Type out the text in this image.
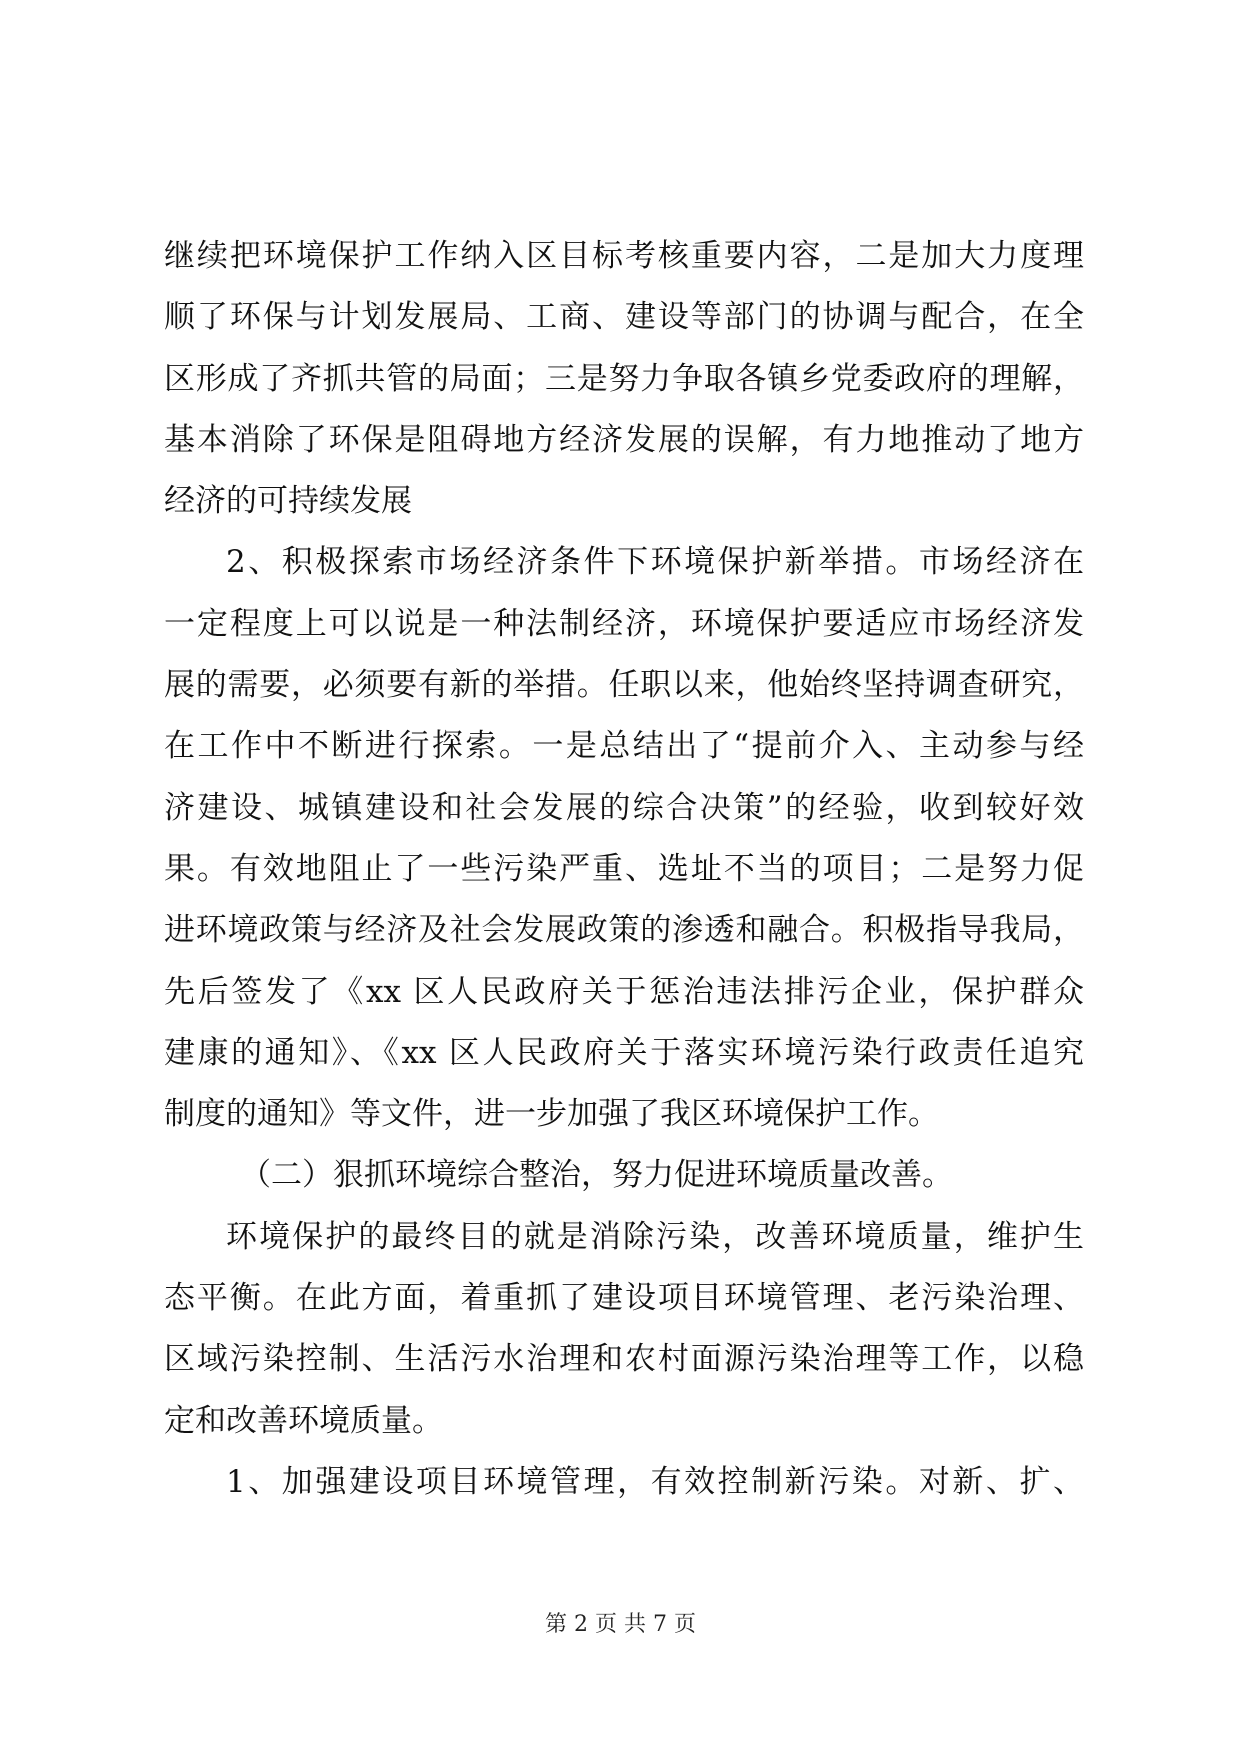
继续把环境保护工作纳入区目标考核重要内容，二是加大力度理
顺了环保与计划发展局、工商、建设等部门的协调与配合，在全
区形成了齐抓共管的局面；三是努力争取各镇乡党委政府的理解，
基本消除了环保是阻碍地方经济发展的误解，有力地推动了地方
经济的可持续发展
2、积极探索市场经济条件下环境保护新举措。市场经济在
一定程度上可以说是一种法制经济，环境保护要适应市场经济发
展的需要，必须要有新的举措。任职以来，他始终坚持调查研究，
在工作中不断进行探索。一是总结出了“提前介入、主动参与经
济建设、城镇建设和社会发展的综合决策”的经验，收到较好效
果。有效地阻止了一些污染严重、选址不当的项目；二是努力促
进环境政策与经济及社会发展政策的渗透和融合。积极指导我局，
先后签发了《xx 区人民政府关于惩治违法排污企业，保护群众
建康的通知》、《xx 区人民政府关于落实环境污染行政责任追究
制度的通知》等文件，进一步加强了我区环境保护工作。
（二）狠抓环境综合整治，努力促进环境质量改善。
环境保护的最终目的就是消除污染，改善环境质量，维护生
态平衡。在此方面，着重抓了建设项目环境管理、老污染治理、
区域污染控制、生活污水治理和农村面源污染治理等工作，以稳
定和改善环境质量。
1、加强建设项目环境管理，有效控制新污染。对新、扩、
第 2 页 共 7 页
